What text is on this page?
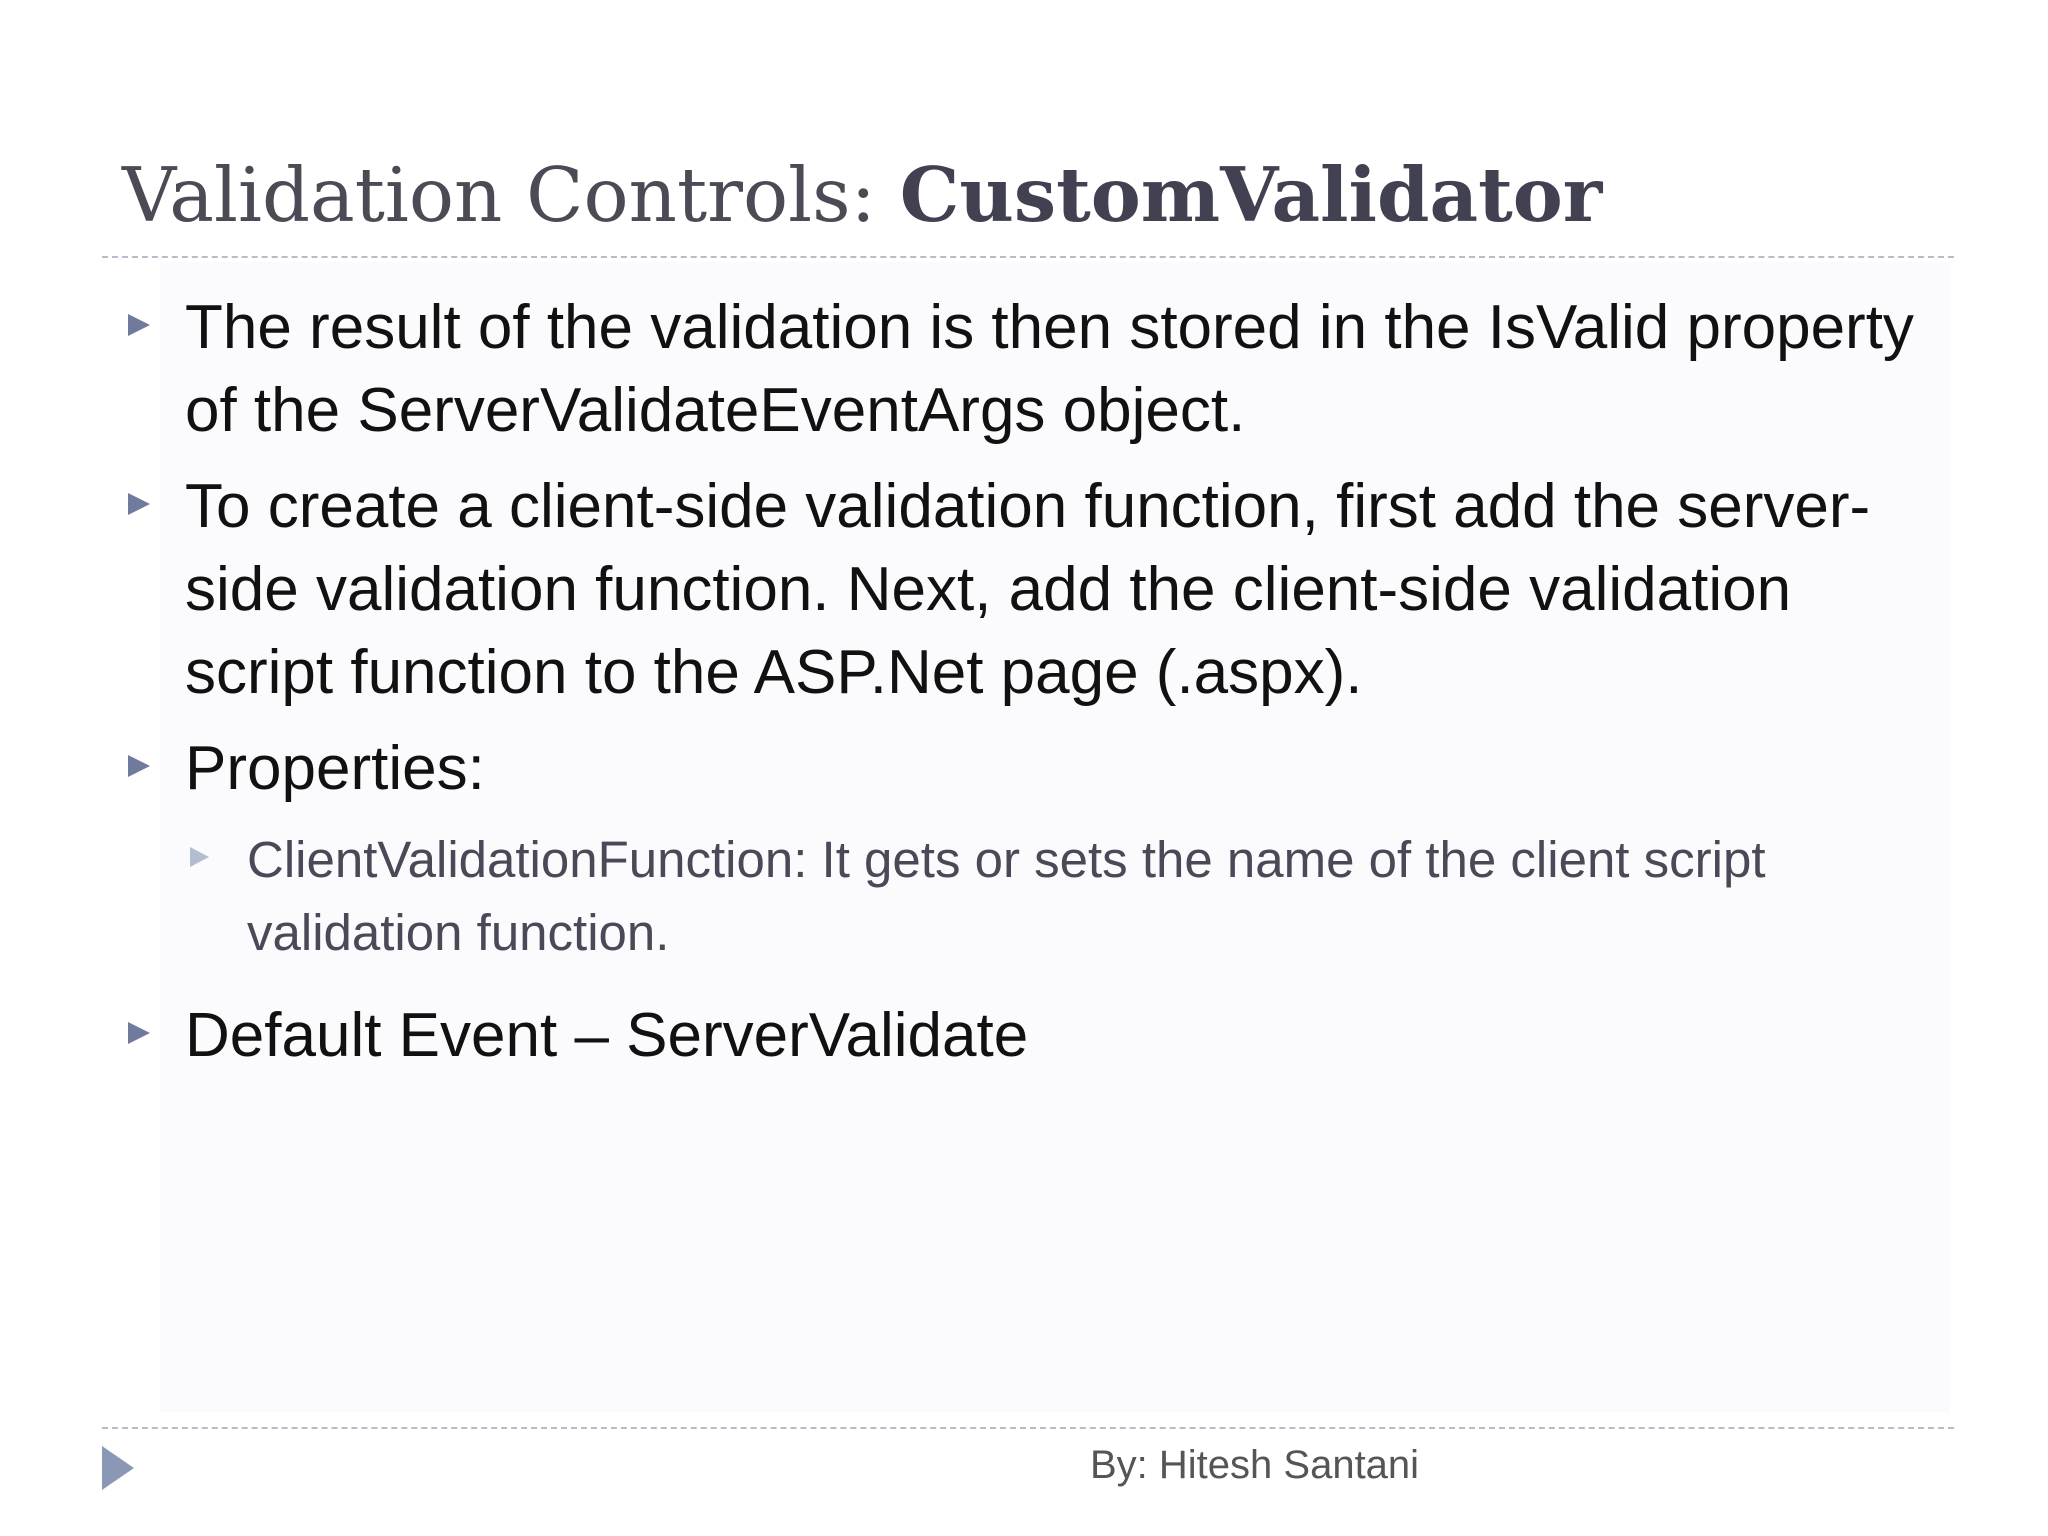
Validation Controls: CustomValidator
The result of the validation is then stored in the IsValid property of the ServerValidateEventArgs object.
To create a client-side validation function, first add the server-side validation function. Next, add the client-side validation script function to the ASP.Net page (.aspx).
Properties:
ClientValidationFunction: It gets or sets the name of the client script validation function.
Default Event – ServerValidate
By: Hitesh Santani
